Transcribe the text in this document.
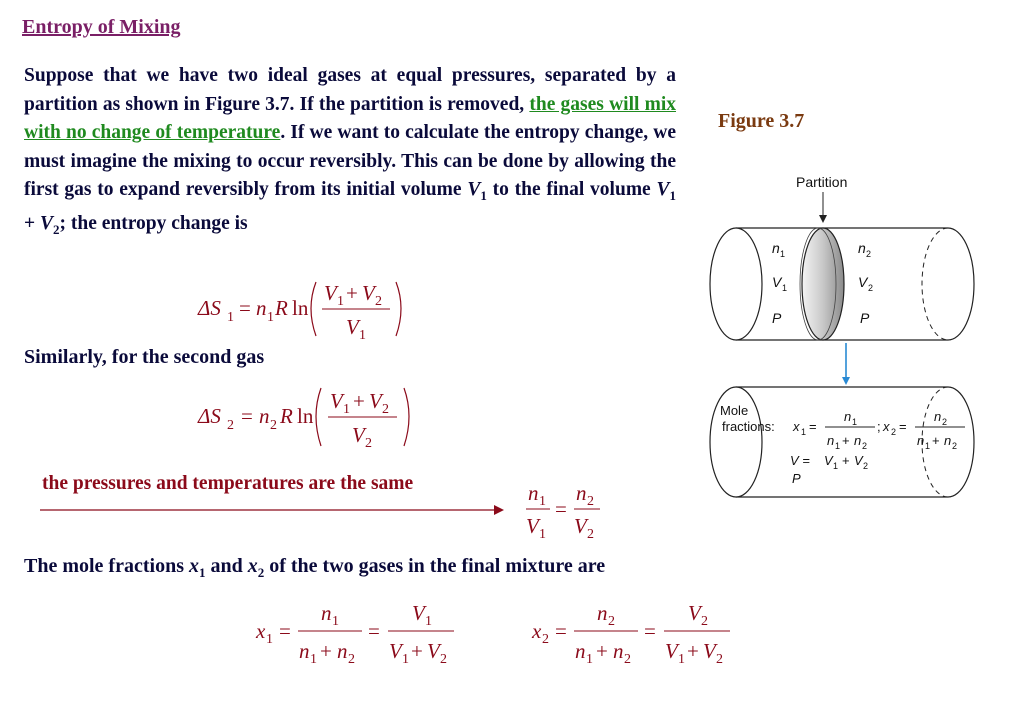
Entropy of Mixing
Suppose that we have two ideal gases at equal pressures, separated by a partition as shown in Figure 3.7. If the partition is removed, the gases will mix with no change of temperature. If we want to calculate the entropy change, we must imagine the mixing to occur reversibly. This can be done by allowing the first gas to expand reversibly from its initial volume $V_1$ to the final volume $V_1 + V_2$; the entropy change is
Figure 3.7
ΔS 1 = n 1 R ln
V 1 + V 2
V 1
Similarly, for the second gas
ΔS 2 = n 2 R ln
V 1 + V 2
V 2
the pressures and temperatures are the same	n 1
V 1
=
n 2
V 2
The mole fractions $x_1$ and $x_2$ of the two gases in the final mixture are
x 1 =
n 1
n 1 + n 2
=
V 1
V 1 + V 2
x 2 =
n 2
n 1 + n 2
=
V 2
V 1 + V 2
Partition
n 1
V 1
P
n 2
V 2
P
Mole
fractions: x 1 =
n 1
n 1 + n 2
; x 2 =
n 2
n 1 + n 2
V = V 1 + V 2
P
